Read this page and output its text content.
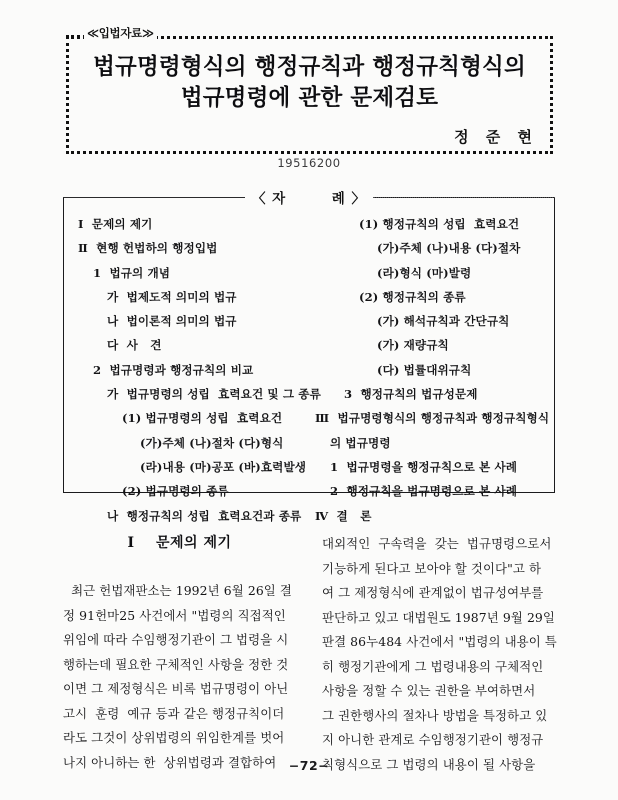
≪입법자료≫
법규명령형식의 행정규칙과 행정규칙형식의
법규명령에 관한 문제검토
정 준 현
19516200
〈 자        례 〉
Ⅰ  문제의 제기
Ⅱ  현행 헌법하의 행정입법
1  법규의 개념
가  법제도적 의미의 법규
나  법이론적 의미의 법규
다  사   견
2  법규명령과 행정규칙의 비교
가  법규명령의 성립  효력요건 및 그 종류
(1) 법규명령의 성립  효력요건
(가)주체 (나)절차 (다)형식
(라)내용 (마)공포 (바)효력발생
(2) 법규명령의 종류
나  행정규칙의 성립  효력요건과 종류
(1) 행정규칙의 성립  효력요건
(가)주체 (나)내용 (다)절차
(라)형식 (마)발령
(2) 행정규칙의 종류
(가) 해석규칙과 간단규칙
(가) 재량규칙
(다) 법률대위규칙
3  행정규칙의 법규성문제
Ⅲ  법규명령형식의 행정규칙과 행정규칙형식
의 법규명령
1  법규명령을 행정규칙으로 본 사례
2  행정규칙을 법규명령으로 본 사례
Ⅳ  결   론
Ⅰ    문제의 제기
최근 헌법재판소는 1992년 6월 26일 결
정 91헌마25 사건에서 "법령의 직접적인
위임에 따라 수임행정기관이 그 법령을 시
행하는데 필요한 구체적인 사항을 정한 것
이면 그 제정형식은 비록 법규명령이 아닌
고시  훈령  예규 등과 같은 행정규칙이더
라도 그것이 상위법령의 위임한계를 벗어
나지 아니하는 한  상위법령과 결합하여
대외적인  구속력을  갖는  법규명령으로서
기능하게 된다고 보아야 할 것이다"고 하
여 그 제정형식에 관계없이 법규성여부를
판단하고 있고 대법원도 1987년 9월 29일
판결 86누484 사건에서 "법령의 내용이 특
히 행정기관에게 그 법령내용의 구체적인
사항을 정할 수 있는 권한을 부여하면서
그 권한행사의 절차나 방법을 특정하고 있
지 아니한 관계로 수임행정기관이 행정규
칙형식으로 그 법령의 내용이 될 사항을
−72−
